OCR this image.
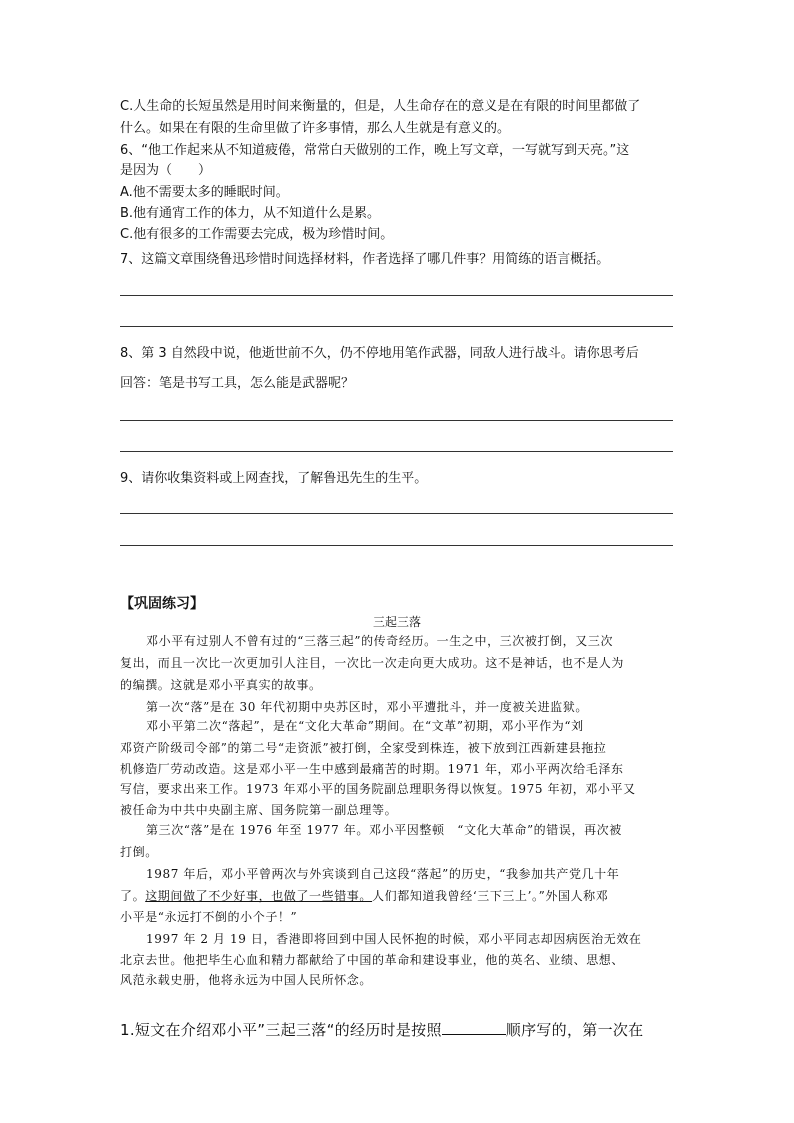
C.人生命的长短虽然是用时间来衡量的，但是，人生命存在的意义是在有限的时间里都做了
什么。如果在有限的生命里做了许多事情，那么人生就是有意义的。
6、“他工作起来从不知道疲倦，常常白天做别的工作，晚上写文章，一写就写到天亮。”这
是因为（　　）
A.他不需要太多的睡眠时间。
B.他有通宵工作的体力，从不知道什么是累。
C.他有很多的工作需要去完成，极为珍惜时间。
7、这篇文章围绕鲁迅珍惜时间选择材料，作者选择了哪几件事？用简练的语言概括。
8、第 3 自然段中说，他逝世前不久，仍不停地用笔作武器，同敌人进行战斗。请你思考后
回答：笔是书写工具，怎么能是武器呢？
9、请你收集资料或上网查找，了解鲁迅先生的生平。
【巩固练习】
三起三落
邓小平有过别人不曾有过的“三落三起”的传奇经历。一生之中，三次被打倒，又三次
复出，而且一次比一次更加引人注目，一次比一次走向更大成功。这不是神话，也不是人为
的编撰。这就是邓小平真实的故事。
第一次“落”是在 30 年代初期中央苏区时，邓小平遭批斗，并一度被关进监狱。
邓小平第二次“落起”，是在“文化大革命”期间。在“文革”初期，邓小平作为“刘
邓资产阶级司令部”的第二号“走资派”被打倒，全家受到株连，被下放到江西新建县拖拉
机修造厂劳动改造。这是邓小平一生中感到最痛苦的时期。1971 年，邓小平两次给毛泽东
写信，要求出来工作。1973 年邓小平的国务院副总理职务得以恢复。1975 年初，邓小平又
被任命为中共中央副主席、国务院第一副总理等。
第三次“落”是在 1976 年至 1977 年。邓小平因整顿　“文化大革命”的错误，再次被
打倒。
1987 年后，邓小平曾两次与外宾谈到自己这段“落起”的历史，“我参加共产党几十年
了。这期间做了不少好事，也做了一些错事。人们都知道我曾经‘三下三上’。”外国人称邓
小平是“永远打不倒的小个子！”
1997 年 2 月 19 日，香港即将回到中国人民怀抱的时候，邓小平同志却因病医治无效在
北京去世。他把毕生心血和精力都献给了中国的革命和建设事业，他的英名、业绩、思想、
风范永载史册，他将永远为中国人民所怀念。
1.短文在介绍邓小平”三起三落“的经历时是按照	顺序写的，第一次在
